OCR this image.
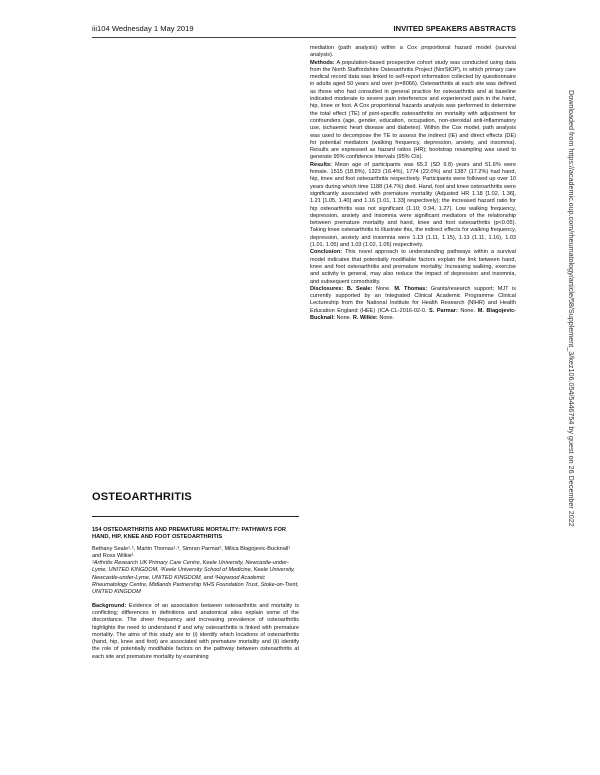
iii104 Wednesday 1 May 2019	INVITED SPEAKERS ABSTRACTS

mediation (path analysis) within a Cox proportional hazard model (survival analysis).

Methods: A population-based prospective cohort study was conducted using data from the North Staffordshire Osteoarthritis Project (NorStOP), in which primary care medical record data was linked to self-report information collected by questionnaire in adults aged 50 years and over (n=8066). Osteoarthritis at each site was defined as those who had consulted in general practice for osteoarthritis and at baseline indicated moderate to severe pain interference and experienced pain in the hand, hip, knee or foot. A Cox proportional hazards analysis was performed to determine the total effect (TE) of joint-specific osteoarthritis on mortality with adjustment for confounders (age, gender, education, occupation, non-steroidal anti-inflammatory use, ischaemic heart disease and diabetes). Within the Cox model, path analysis was used to decompose the TE to assess the indirect (IE) and direct effects (DE) for potential mediators (walking frequency, depression, anxiety, and insomnia). Results are expressed as hazard ratios (HR); bootstrap resampling was used to generate 95% confidence intervals (95% CIs).

Results: Mean age of participants was 65.2 (SD 9.8) years and 51.6% were female. 1515 (18.8%), 1323 (16.4%), 1774 (22.0%) and 1387 (17.2%) had hand, hip, knee and foot osteoarthritis respectively. Participants were followed up over 10 years during which time 1188 (14.7%) died. Hand, foot and knee osteoarthritis were significantly associated with premature mortality (Adjusted HR 1.18 [1.02, 1.36], 1.21 [1.05, 1.40] and 1.16 [1.01, 1.33] respectively); the increased hazard ratio for hip osteoarthritis was not significant (1.10; 0.94, 1.27). Low walking frequency, depression, anxiety and insomnia were significant mediators of the relationship between premature mortality and hand, knee and foot osteoarthritis (p<0.05). Taking knee osteoarthritis to illustrate this, the indirect effects for walking frequency, depression, anxiety and insomnia were 1.13 (1.11, 1.15), 1.13 (1.11, 1.16), 1.03 (1.01, 1.05) and 1.03 (1.02, 1.05) respectively.

Conclusion: This novel approach to understanding pathways within a survival model indicates that potentially modifiable factors explain the link between hand, knee and foot osteoarthritis and premature mortality. Increasing walking, exercise and activity in general, may also reduce the impact of depression and insomnia, and subsequent comorbidity.

Disclosures: B. Seale: None. M. Thomas: Grants/research support; MJT is currently supported by an Integrated Clinical Academic Programme Clinical Lectureship from the National Institute for Health Research (NIHR) and Health Education England (HEE) (ICA-CL-2016-02-0. S. Parmar: None. M. Blagojevic-Bucknall: None. R. Wilkie: None.

OSTEOARTHRITIS

154 OSTEOARTHRITIS AND PREMATURE MORTALITY: PATHWAYS FOR HAND, HIP, KNEE AND FOOT OSTEOARTHRITIS

Bethany Seale¹˒², Martin Thomas¹˒³, Simran Parmar², Milica Blagojevic-Bucknall¹ and Ross Wilkie¹

¹Arthritis Research UK Primary Care Centre, Keele University, Newcastle-under-Lyme, UNITED KINGDOM, ²Keele University School of Medicine, Keele University, Newcastle-under-Lyme, UNITED KINGDOM, and ³Haywood Academic Rheumatology Centre, Midlands Partnership NHS Foundation Trust, Stoke-on-Trent, UNITED KINGDOM

Background: Evidence of an association between osteoarthritis and mortality is conflicting; differences in definitions and anatomical sites explain some of the discordance. The sheer frequency and increasing prevalence of osteoarthritis highlights the need to understand if and why osteoarthritis is linked with premature mortality. The aims of this study are to (i) identify which locations of osteoarthritis (hand, hip, knee and foot) are associated with premature mortality and (ii) identify the role of potentially modifiable factors on the pathway between osteoarthritis at each site and premature mortality by examining

Downloaded from https://academic.oup.com/rheumatology/article/58/Supplement_3/kez106.054/5446754 by guest on 26 December 2022
